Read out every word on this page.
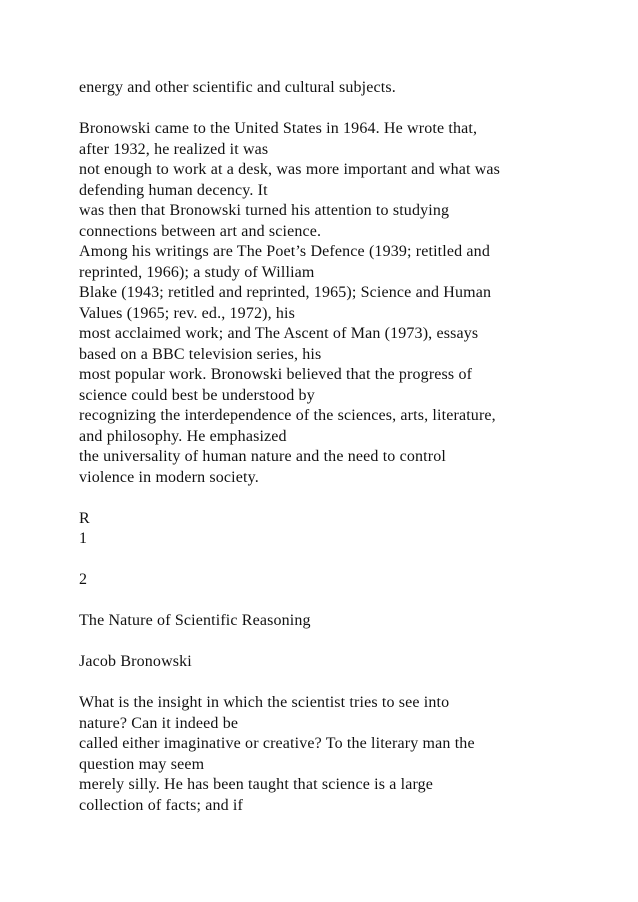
energy and other scientific and cultural subjects.
Bronowski came to the United States in 1964. He wrote that,
after 1932, he realized it was
not enough to work at a desk, was more important and what was
defending human decency. It
was then that Bronowski turned his attention to studying
connections between art and science.
Among his writings are The Poet’s Defence (1939; retitled and
reprinted, 1966); a study of William
Blake (1943; retitled and reprinted, 1965); Science and Human
Values (1965; rev. ed., 1972), his
most acclaimed work; and The Ascent of Man (1973), essays
based on a BBC television series, his
most popular work. Bronowski believed that the progress of
science could best be understood by
recognizing the interdependence of the sciences, arts, literature,
and philosophy. He emphasized
the universality of human nature and the need to control
violence in modern society.
R
1
2
The Nature of Scientific Reasoning
Jacob Bronowski
What is the insight in which the scientist tries to see into
nature? Can it indeed be
called either imaginative or creative? To the literary man the
question may seem
merely silly. He has been taught that science is a large
collection of facts; and if
